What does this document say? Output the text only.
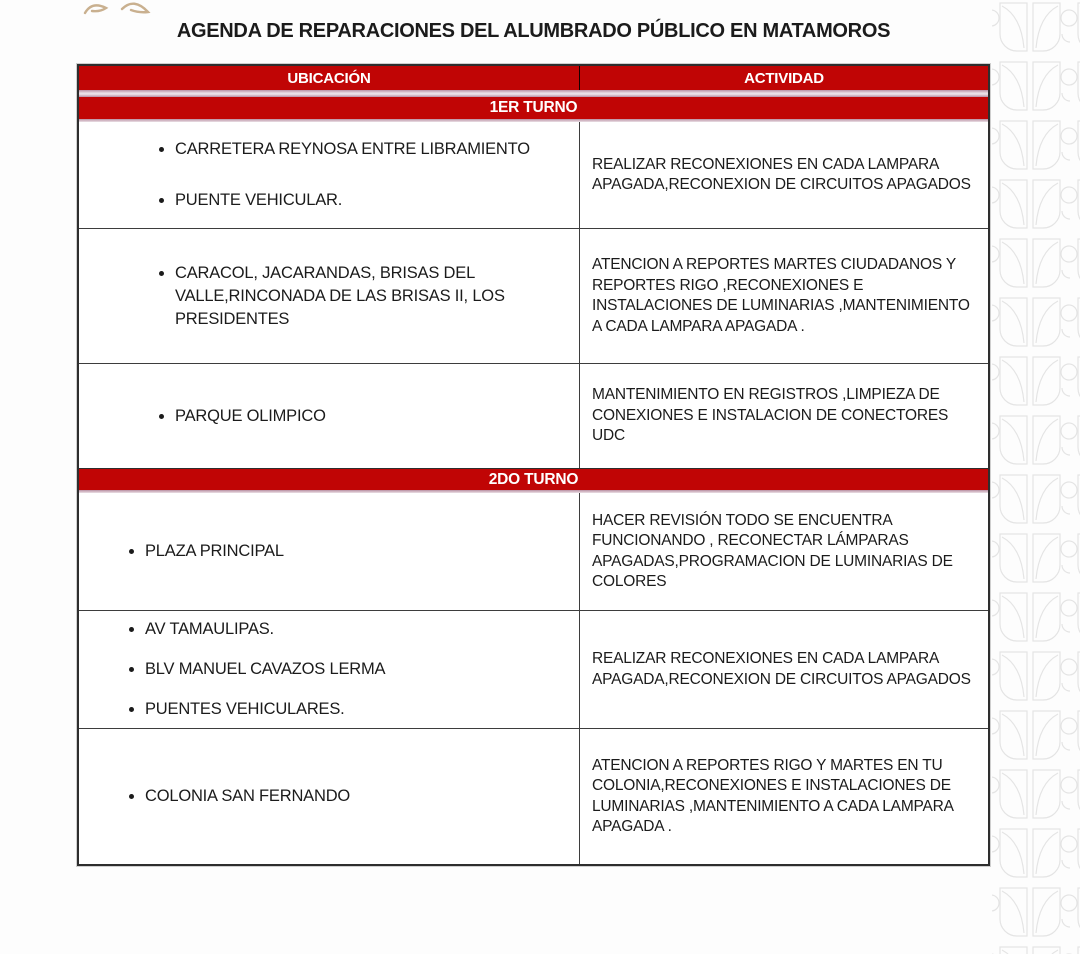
AGENDA DE REPARACIONES DEL ALUMBRADO PÚBLICO EN MATAMOROS
UBICACIÓN	ACTIVIDAD
1ER TURNO
• CARRETERA REYNOSA ENTRE LIBRAMIENTO
• PUENTE VEHICULAR.

REALIZAR RECONEXIONES EN CADA LAMPARA APAGADA,RECONEXION DE CIRCUITOS APAGADOS

• CARACOL, JACARANDAS, BRISAS DEL VALLE,RINCONADA DE LAS BRISAS II, LOS PRESIDENTES

ATENCION A REPORTES MARTES CIUDADANOS Y REPORTES RIGO ,RECONEXIONES E INSTALACIONES DE LUMINARIAS ,MANTENIMIENTO A CADA LAMPARA APAGADA .

• PARQUE OLIMPICO

MANTENIMIENTO EN REGISTROS ,LIMPIEZA DE CONEXIONES E INSTALACION DE CONECTORES UDC

2DO TURNO
• PLAZA PRINCIPAL

HACER REVISIÓN TODO SE ENCUENTRA FUNCIONANDO , RECONECTAR LÁMPARAS APAGADAS,PROGRAMACION DE LUMINARIAS DE COLORES

• AV TAMAULIPAS.
• BLV MANUEL CAVAZOS LERMA
• PUENTES VEHICULARES.

REALIZAR RECONEXIONES EN CADA LAMPARA APAGADA,RECONEXION DE CIRCUITOS APAGADOS

• COLONIA SAN FERNANDO

ATENCION A REPORTES RIGO Y MARTES EN TU COLONIA,RECONEXIONES E INSTALACIONES DE LUMINARIAS ,MANTENIMIENTO A CADA LAMPARA APAGADA .
